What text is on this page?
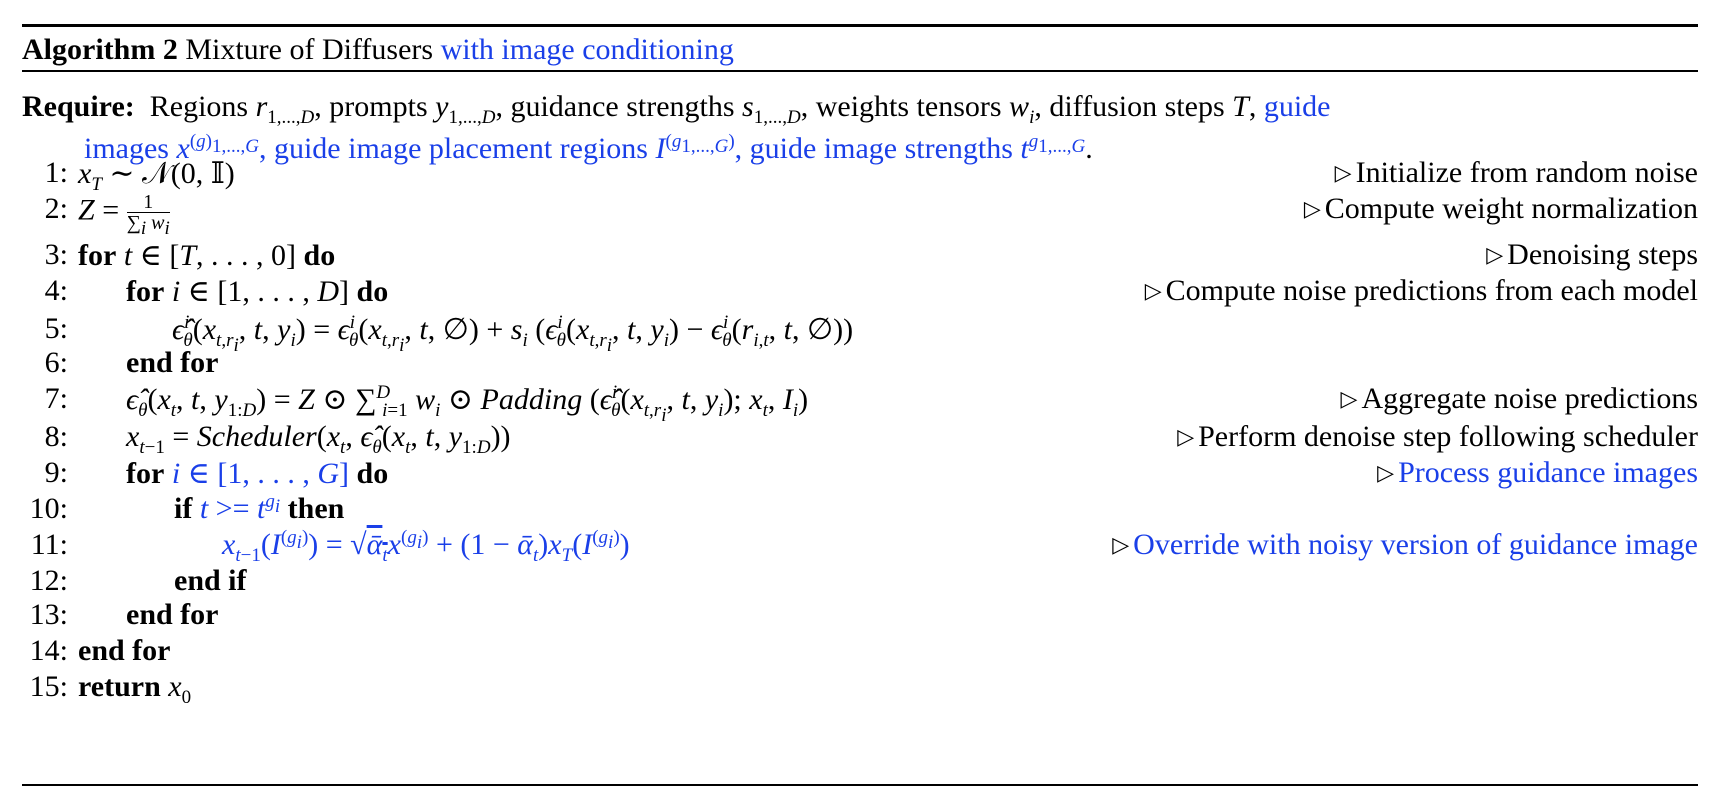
Algorithm 2 Mixture of Diffusers with image conditioning
Require: Regions $r_{1,...,D}$, prompts $y_{1,...,D}$, guidance strengths $s_{1,...,D}$, weights tensors $w_i$, diffusion steps T, guide
images $x^{(g)_{1,...,G}}$, guide image placement regions $I^{(g_{1,...,G})}$, guide image strengths $t^{g_{1,...,G}}$.
1: $x_T$ ∼ 𝒩(0, 𝕀)	▷ Initialize from random noise
2: $Z = \frac{1}{\sum_i w_i}$	▷ Compute weight normalization
3: for t ∈ [T, . . . , 0] do	▷ Denoising steps
4: for i ∈ [1, . . . , D] do	▷ Compute noise predictions from each model
5:	$\epsilon̂^i_\theta(x_{t,r_i}$, t, $y_i) = \epsilon^i_\theta(x_{t,r_i}$, t, ∅) + $s_i$ ($\epsilon^i_\theta(x_{t,r_i}$, t, $y_i) - \epsilon^i_\theta(r_{i,t}$, t, ∅))
6: end for
7: $\epsilon̂_\theta(x_t$, t, $y_{1:D}) = Z$ ⊙ ∑$^D_{i=1}$ $w_i$ ⊙ Padding ($\epsilon̂^i_\theta(x_{t,r_i}$, t, $y_i$); $x_t$, $I_i$)	▷ Aggregate noise predictions
8: $x_{t-1}$ = $Scheduler(x_t$, $\epsilon̂_\theta(x_t$, t, $y_{1:D}$))	▷ Perform denoise step following scheduler
9: for i ∈ [1, . . . , G] do	▷ Process guidance images
10:	if $t >= t^{g_i}$ then
11:	$x_{t-1}(I^{(g_i)})$ = $√ᾱ_tx^{(g_i)} + (1$ − $ᾱ_t)x_T(I^{(g_i)})$	▷ Override with noisy version of guidance image
12:	end if
13: end for
14: end for
15: return $x_0$
